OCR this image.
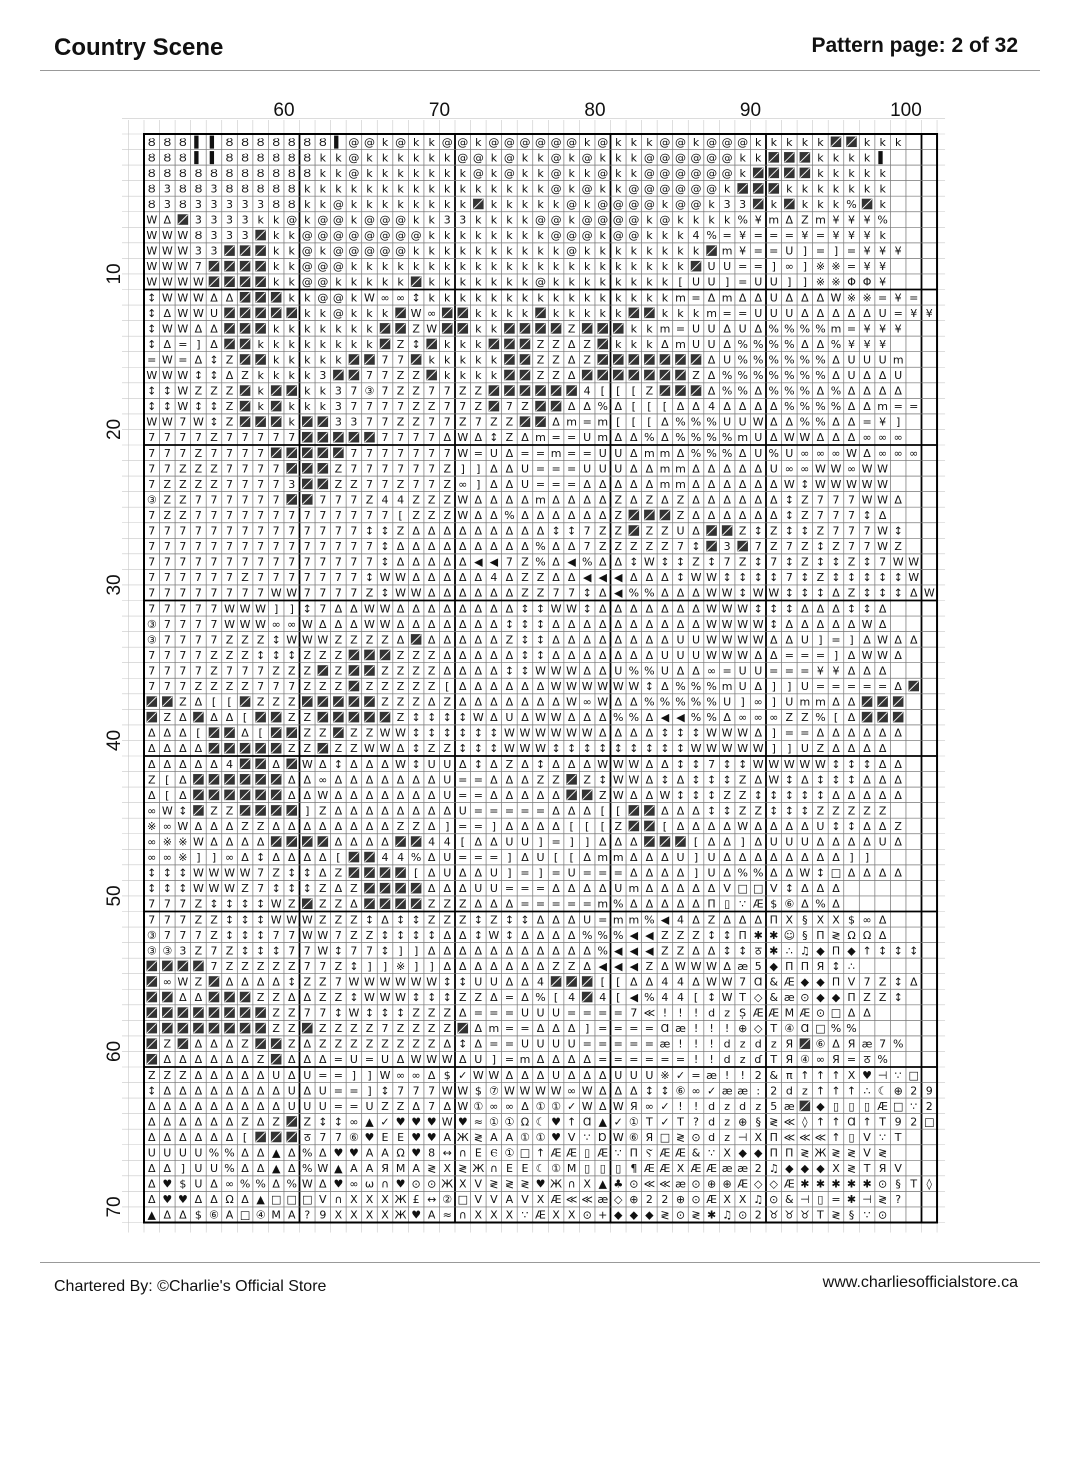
Country Scene	Pattern page: 2 of 32
60	70	80	90	100
10
20
30
40
50
60
70
Ȣ Ȣ Ȣ ▌ ▌ Ȣ Ȣ Ȣ Ȣ Ȣ Ȣ Ȣ ▌ @ @ k @ k k @ @ k @ @ @ @ @ @ k @ k k k @ @ k @ @ @ k k k k k	k k k
Ȣ Ȣ Ȣ ▌ ▌ Ȣ Ȣ Ȣ Ȣ Ȣ Ȣ k k @ k k k k k k @ @ k @ k k @ k @ k k k @ @ @ @ @ @ k k	k k k k ▌
Ȣ Ȣ Ȣ Ȣ Ȣ Ȣ Ȣ Ȣ Ȣ Ȣ Ȣ k k @ k k k k k k k @ k @ k k @ k k @ k k @ @ @ @ @ @ k	k k k k k
Ȣ 3 Ȣ Ȣ 3 Ȣ Ȣ Ȣ Ȣ Ȣ k k k k k k k k k k k k k k k k @ k @ k k @ @ @ @ @ @ k	k k k k k k k
Ȣ 3 Ȣ 3 3 3 3 3 Ȣ Ȣ k k @ k k k k k k k k k k k k k @ k @ @ @ @ k @ @ k 3 3 k k k k % k
W Δ 3 3 3 3 k k @ k @ @ k @ @ @ k k 3 3 k k k k @ @ k @ @ @ @ k @ k k k k % ¥ m Δ Z m ¥ ¥ ¥ %
W W W Ȣ 3 3 3 k k @ @ @ @ @ @ @ @ k k k k k k k k @ @ @ k @ @ k k k 4 % = ¥ = = = ¥ = ¥ ¥ ¥ k
W W W 3 3	k k @ k @ @ @ @ @ k k k k k k k k k k @ k k k k k k k k m ¥ = = U ] = ] = ¥ ¥ ¥
W W W 7	k k @ @ @ k k k k k k k k k k k k k k k k k k k k k k U U = = ] ∞ ] ※ ※ = ¥ ¥
W W W W	k k @ @ k k k k k k k k k k k k @ k k k k k k k k [ U U ] = U U ] ] ※ ※ Φ Φ ¥
↕ W W W Δ Δ	k k @ @ k W ∞ ∞ ↕ k k k k k k k k k k k k k k k k m = Δ m Δ Δ U Δ Δ Δ W ※ ※ = ¥ =
↕ Δ W W U	k k @ k k k W ∞	k k k k k k k k k	k k k m = = U U U Δ Δ Δ Δ Δ U = ¥ ¥
↕ W W Δ Δ	k k k k k k k	Z W	k k	Z	k k m = U U Δ U Δ % % % % m = ¥ ¥ ¥
↕ Δ = ] Δ	k k k k k k k k Z ↕ k k k	Z Z Δ Z k k k Δ m U U Δ % % % % Δ Δ % ¥ ¥ ¥
= W = Δ ↕ Z	k k k k k	7 7 k k k k k	Z Z Δ Z	Δ U % % % % % % Δ U U U m
W W W ↕ ↕ Δ Z k k k k 3	7 7 Z Z k k k k	Z Z Δ	Z Δ % % % % % % % Δ U Δ Δ U
↕ ↕ W Z Z Z k	k k 3 7 ③ 7 Z Z 7 7 Z Z	4 [ [ [ Z	Δ % % Δ % % % Δ % Δ Δ Δ Δ
↕ ↕ W ↕ ↕ Z k k k k 3 7 7 7 7 Z Z 7 7 Z 7 Z	Δ Δ % Δ [ [ [ Δ Δ 4 Δ Δ Δ Δ % % % % Δ Δ m = =
W W 7 W ↕ Z	k	3 3 7 7 Z Z 7 7 Z 7 Z Z	Δ m = m [ [ [ Δ % % % U U W Δ Δ % % Δ Δ = ¥ ]
7 7 7 7 Z 7 7 7 7 7	7 7 7 7 Δ W Δ ↕ Z Δ m = = U m Δ Δ % Δ % % % % m U Δ W W Δ Δ Δ ∞ ∞ ∞
7 7 7 Z 7 7 7 7	7 7 7 7 7 7 7 W = U Δ = = m = = U U Δ m m Δ % % % Δ U % U ∞ ∞ ∞ W Δ ∞ ∞ ∞
7 7 Z Z Z 7 7 7 7	Z 7 7 7 7 7 7 Z ] ] Δ Δ U = = = U U U Δ Δ m m Δ Δ Δ Δ Δ U ∞ ∞ W W ∞ W W
7 Z Z Z Z 7 7 7 7 3	Z Z 7 7 Z 7 7 Z ∞ ] Δ Δ U = = = Δ Δ Δ Δ Δ m m Δ Δ Δ Δ Δ Δ W ↕ W W W W W
③ Z Z 7 7 7 7 7 7	7 7 7 Z 4 4 Z Z Z W Δ Δ Δ Δ m Δ Δ Δ Δ Z Δ Z Δ Z Δ Δ Δ Δ Δ Δ ↕ Z 7 7 7 W W Δ
7 Z Z 7 7 7 7 7 7 7 7 7 7 7 7 7 [ Z Z Z W Δ Δ % Δ Δ Δ Δ Δ Δ Z	Z Δ Δ Δ Δ Δ Δ ↕ Z 7 7 7 ↕ Δ
7 7 7 7 7 7 7 7 7 7 7 7 7 7 ↕ ↕ Z Δ Δ Δ Δ Δ Δ Δ Δ Δ ↕ ↕ 7 Z Z Z Z U Δ	Z ↕ Z ↕ ↕ Z 7 7 7 W ↕
7 7 7 7 7 7 7 7 7 7 7 7 7 7 7 ↕ Δ Δ Δ Δ Δ Δ Δ Δ Δ % Δ Δ 7 Z Z Z Z Z 7 ↕ 3 7 Z 7 Z ↕ Z 7 7 W Z
7 7 7 7 7 7 7 7 7 7 7 7 7 7 7 ↕ Δ Δ Δ Δ Δ ◀ ◀ 7 Z % Δ ◀ % Δ Δ ↕ W ↕ ↕ Z ↕ 7 Z ↕ 7 ↕ Z ↕ ↕ Z ↕ 7 W W
7 7 7 7 7 7 Z 7 7 7 7 7 7 7 ↕ W W Δ Δ Δ Δ Δ 4 Δ Z Z Δ Δ ◀ ◀ ◀ Δ Δ Δ ↕ W W ↕ ↕ ↕ ↕ 7 ↕ Z ↕ ↕ ↕ ↕ ↕ W
7 7 7 7 7 7 7 7 W W 7 7 7 7 Z ↕ W W Δ Δ Δ Δ Δ Δ Z Z 7 7 ↕ Δ ◀ % % Δ Δ Δ W W ↕ W W ↕ ↕ ↕ Δ Z ↕ ↕ ↕ Δ W
7 7 7 7 7 W W W ] ] ↕ 7 Δ Δ W W Δ Δ Δ Δ Δ Δ Δ Δ ↕ ↕ W W ↕ Δ Δ Δ Δ Δ Δ Δ W W W ↕ ↕ ↕ Δ Δ Δ ↕ ↕ Δ
③ 7 7 7 7 W W W ∞ ∞ W Δ Δ Δ W W Δ Δ Δ Δ Δ Δ Δ ↕ ↕ ↕ Δ Δ Δ Δ Δ Δ Δ Δ Δ Δ W W W W ↕ Δ Δ Δ Δ Δ W Δ
③ 7 7 7 7 Z Z Z ↕ W W W Z Z Z Z Δ Δ Δ Δ Δ Δ Z ↕ ↕ Δ Δ Δ Δ Δ Δ Δ Δ U U W W W W Δ Δ U ] = ] Δ W Δ Δ
7 7 7 7 Z Z Z ↕ ↕ ↕ Z Z Z	Z Z Z Δ Δ Δ Δ Δ ↕ ↕ Δ Δ Δ Δ Δ Δ Δ U U U W W W Δ Δ = = = ] Δ W W Δ
7 7 7 7 Z 7 7 7 Z Z Z Z	Z Z Z Z Δ Δ Δ Δ ↕ ↕ W W W Δ Δ U % % U Δ Δ ∞ = U U = = = ¥ ¥ Δ Δ Δ
7 7 7 Z Z Z Z 7 7 7 Z Z Z Z Z Z Z Z [ Δ Δ Δ Δ Δ Δ W W W W W W ↕ Δ % % % m U Δ ] ] U = = = = = Δ
Z Δ [ [ Z Z Z	Z Z Z Δ Z Δ Δ Δ Δ Δ Δ Δ W ∞ W Δ Δ % % % % % U ] ∞ ] U m m Δ Δ
Z Δ Δ Δ [	Z Z	Z ↕ ↕ ↕ ↕ W Δ U Δ W W Δ Δ Δ % % Δ ◀ ◀ % % Δ ∞ ∞ ∞ Z Z % [ Δ
Δ Δ Δ [	Δ [	Z Z Z Z W W ↕ ↕ ↕ ↕ ↕ ↕ W W W W W W Δ Δ Δ Δ ↕ ↕ ↕ W W W Δ ] = = Δ Δ Δ Δ Δ Δ
Δ Δ Δ Δ	Z Z Z Z W W Δ ↕ Z Z ↕ ↕ ↕ W W W ↕ ↕ ↕ ↕ ↕ ↕ ↕ ↕ ↕ W W W W W ] ] U Z Δ Δ Δ Δ
Δ Δ Δ Δ Δ 4	Δ W Δ ↕ Δ Δ Δ W ↕ U U Δ ↕ Δ Z Δ ↕ Δ Δ Δ W W W Δ Δ ↕ ↕ 7 ↕ ↕ W W W W W ↕ ↕ ↕ Δ Δ
Z [ Δ	Δ Δ ∞ Δ Δ Δ Δ Δ Δ Δ U = = Δ Δ Δ Z Z Z ↕ W W Δ ↕ Δ ↕ ↕ ↕ Z Δ W ↕ Δ ↕ ↕ ↕ Δ Δ Δ
Δ [ Δ	Δ Δ W Δ Δ Δ Δ Δ Δ Δ U = = Δ Δ Δ Δ Δ	Z W Δ Δ W ↕ ↕ ↕ Z Z ↕ ↕ ↕ ↕ ↕ Δ Δ Δ Δ Δ
∞ W ↕ Z Z	] Z Δ Δ Δ Δ Δ Δ Δ Δ U = = = = = Δ Δ Δ [ [	Δ Δ Δ ↕ ↕ Z Z ↕ ↕ ↕ Z Z Z Z Z
※ ∞ W Δ Δ Δ Z Z Δ Δ Δ Δ Δ Δ Δ Δ Z Z Δ ] = = ] Δ Δ Δ Δ [ [ [ Z	[ Δ Δ Δ Δ W Δ Δ Δ Δ U ↕ ↕ Δ Δ Z
∞ ※ ※ W Δ Δ Δ Δ	Δ Δ Δ Δ	4 4 [ Δ Δ U U ] = ] ] Δ Δ Δ	[ Δ Δ ] Δ U U U Δ Δ Δ Δ U Δ
∞ ∞ ※ ] ] ∞ Δ ↕ Δ Δ Δ Δ [	4 4 % Δ U = = = ] Δ U [ [ Δ m m Δ Δ Δ U ] U Δ Δ Δ Δ Δ Δ Δ Δ ] ]
↕ ↕ ↕ W W W W 7 Z ↕ ↕ Δ Z	[ Δ U Δ Δ U ] = ] = U = = = Δ Δ Δ Δ ] U Δ % % Δ Δ W ↕ □ Δ Δ Δ Δ
↕ ↕ ↕ W W W Z 7 ↕ ↕ ↕ Z Δ Z	Δ Δ Δ U U = = = Δ Δ Δ Δ U m Δ Δ Δ Δ Δ V □ □ V ↕ Δ Δ Δ
7 7 7 Z ↕ ↕ ↕ ↕ W Z Z Z Δ	Z Z Z Δ Δ Δ = = = = = m % Δ Δ Δ Δ Δ П ▯ ∵ Æ $ ⑥ Δ % Δ
7 7 7 Z Z ↕ ↕ ↕ W W W Z Z Z ↕ Δ ↕ ↕ Z Z Z ↕ Z ↕ ↕ Δ Δ Δ U = m m % ◀ 4 Δ Z Δ Δ Δ П X § X X $ ∞ Δ
③ 7 7 7 Z ↕ ↕ ↕ 7 7 W W 7 Z Z ↕ ↕ ↕ ↕ Δ Δ ↕ W ↕ Δ Δ Δ Δ % % % ◀ ◀ Z Z Z ↕ ↕ П ✱ ✱ ☺ § П ≷ Ω Ω Δ
③ ③ 3 Z 7 Z ↕ ↕ ↕ 7 7 W ↕ 7 7 ↕ ] ] Δ Δ Δ Δ Δ Δ Δ Δ Δ Δ Δ % ◀ ◀ ◀ Z Z Δ Δ ↕ ↕ ठ ✱ ∴ ♫ ◆ П ◆ ↑ ↕ ↕ ↕
7 Z Z Z Z Z 7 7 Z ↕ ] ] ※ ] ] Δ Δ Δ Δ Δ Δ Δ Z Z Δ ◀ ◀ ◀ Z Δ W W W Δ æ 5 ◆ П П Я ↕ ∴
∞ W Z Δ Δ Δ Δ ↕ Z Z 7 W W W W W W ↕ ↕ U U Δ Δ 4	[ [ Δ Δ 4 4 Δ W W 7 Ɑ & Æ ◆ ◆ П V 7 Z ↕ Δ
Δ Δ	Z Z Δ Δ Z Z ↕ W W W ↕ ↕ ↕ Z Z Δ = Δ % [ 4 4 [ ◀ % 4 4 [ ↕ W T ◇ & æ ⊙ ◆ ◆ Π Z Z ↕
Z Z 7 7 ↕ W ↕ ↕ ↕ Z Z Z Δ = = = U U U = = = = 7 ≪ ! ! ! d z Ș Æ Æ M Æ ⊙ □ Δ Δ
Z Z Z Z Z Z 7 Z Z Z Z Δ m = = Δ Δ Δ ] = = = = Ɑ æ ! ! ! ⊕ ◇ T ④ Ɑ □ % %
Z Δ Δ Δ Z	Z Δ Z Z Z Z Z Z Z Z Δ ↕ Δ = = U U U U = = = = = æ ! ! ! d z d z Я ⑥ Δ Я æ 7 %
Δ Δ Δ Δ Δ Δ Z Δ Δ Δ = U = U Δ W W W Δ U ] = m Δ Δ Δ Δ = = = = = = ! ! d z ɗ T Я ④ ∞ Я = ठ %
Z Z Z Δ Δ Δ Δ Δ U Δ U = = ] ] W ∞ ∞ Δ $ ✓ W W Δ Δ Δ U Δ Δ Δ U U U ※ ✓ = æ ! ! 2 & π ↑ ↑ ↑ X ♥ ⊣ ∵ □
↕ Δ Δ Δ Δ Δ Δ Δ Δ U Δ U = = ] ↕ 7 7 7 W W $ ⑦ W W W W ∞ W Δ Δ Δ ↕ ↕ ⑥ ∞ ✓ æ æ : 2 d z ↑ ↑ ↑ ∴ ☾ ⊕ 2 9
Δ Δ Δ Δ Δ Δ Δ Δ Δ U U U = = U Z Z Δ 7 Δ W ① ∞ ∞ Δ ① ① ✓ W Δ W Я ∞ ✓ ! ! d z d z 5 æ ◆ ▯ ▯ ▯ Æ □ ∵ 2
Δ Δ Δ Δ Δ Δ Z Δ Z Z ↕ ↕ ∞ ▲ ✓ ♥ ♥ ♥ W ♥ ≈ ① ① Ω ☾ ♥ ↑ Ɑ ▲ ✓ ① T ✓ T ? d z ⊕ § ≷ ≪ ◊ ↑ ↑ Ɑ ↑ T 9 2 □
Δ Δ Δ Δ Δ Δ [	ठ 7 7 ⑥ ♥ E E ♥ ♥ A Ж ≷ A A ① ① ♥ V ∵ Ɒ W ⑥ Я □ ≷ ⊙ d z ⊣ X П ≪ ≪ ≪ ↑ ▯ V ∵ T
U U U U % % Δ Δ ▲ Δ % Δ ♥ ♥ A A Ω ♥ 8 ↔ ∩ E Ⲉ ① □ ↑ Æ Æ ▯ Æ ∵ П Ⲋ Æ Æ & ∵ X ◆ ◆ П П ≷ Ж ≷ ≷ V ≷
Δ Δ ] U U % Δ Δ ▲ Δ % W ▲ A A Я M A ≷ X ≷ Ж ∩ E E ☾ ① M ▯ ▯ ▯ ¶ Æ Æ X Æ Æ æ æ 2 ♫ ◆ ◆ ◆ X ≷ T Я V
Δ ♥ $ U Δ ∞ % % Δ % W Δ ♥ ∞ ω ∩ ♥ ⊙ ⊙ Ж X V ≷ ≷ ≷ ♥ Ж ∩ X ▲ ♣ ⊙ ≪ ≪ æ ⊙ ⊕ ⊕ Æ ◇ ◇ Æ ✱ ✱ ✱ ✱ ✱ ⊙ § T ◊
Δ ♥ ♥ Δ Δ Ω Δ ▲ □ □ □ V ∩ X X X Ж £ ↔ ② □ V V A V X Æ ≪ ≪ æ ◇ ⊕ 2 2 ⊕ ⊙ Æ X X ♫ ⊙ & ⊣ ▯ = ✱ ⊣ ≷ ?
▲ Δ Δ $ ⑥ A □ ④ M A ? 9 X X X X Ж ♥ A ≈ ∩ X X X ∵ Æ X X ⊙ + ◆ ◆ ◆ ≷ ⊙ ≷ ✱ ♫ ⊙ 2 ♉ ♉ ♉ T ≷ § ∵ ⊙
Chartered By: ©Charlie's Official Store	www.charliesofficialstore.ca
